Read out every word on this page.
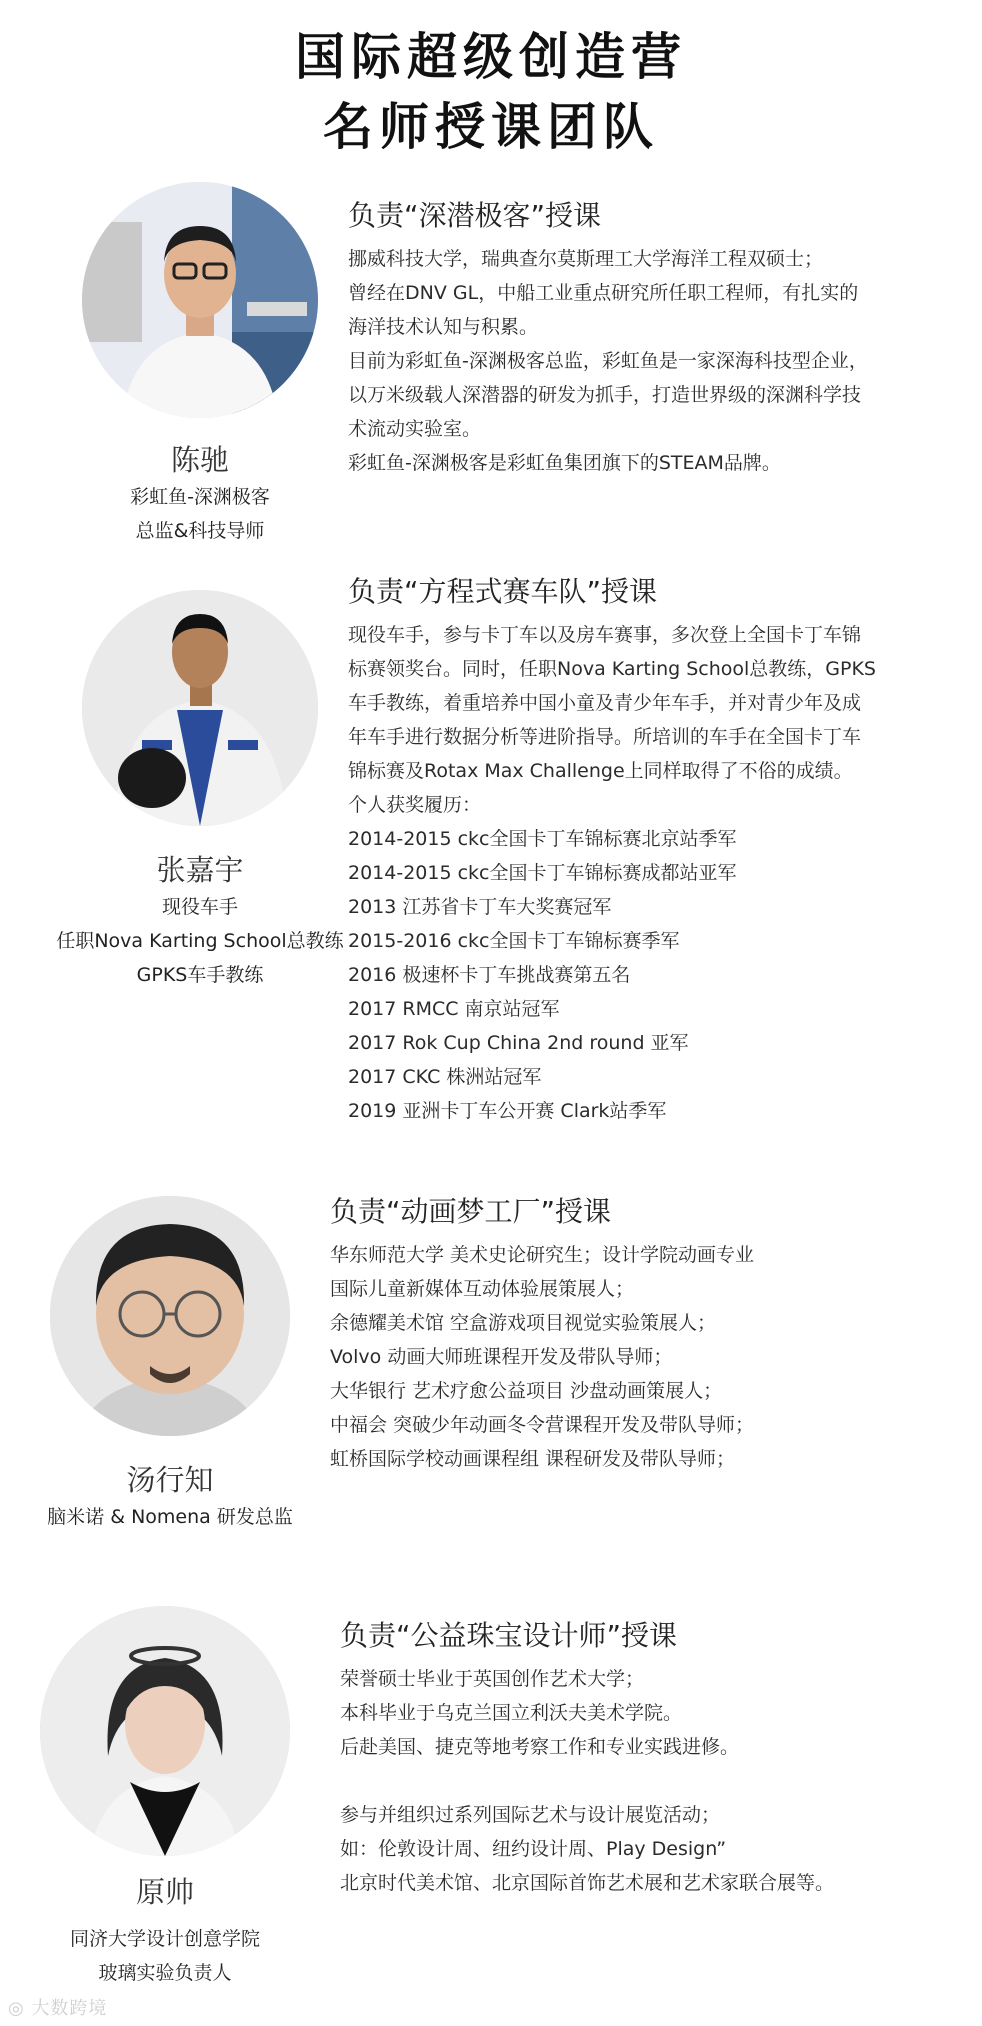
国际超级创造营
名师授课团队
陈驰
彩虹鱼-深渊极客
总监&科技导师
负责“深潜极客”授课
挪威科技大学，瑞典查尔莫斯理工大学海洋工程双硕士；
曾经在DNV GL，中船工业重点研究所任职工程师，有扎实的
海洋技术认知与积累。
目前为彩虹鱼-深渊极客总监，彩虹鱼是一家深海科技型企业，
以万米级载人深潜器的研发为抓手，打造世界级的深渊科学技
术流动实验室。
彩虹鱼-深渊极客是彩虹鱼集团旗下的STEAM品牌。
张嘉宇
现役车手
任职Nova Karting School总教练
GPKS车手教练
负责“方程式赛车队”授课
现役车手，参与卡丁车以及房车赛事，多次登上全国卡丁车锦
标赛领奖台。同时，任职Nova Karting School总教练，GPKS
车手教练，着重培养中国小童及青少年车手，并对青少年及成
年车手进行数据分析等进阶指导。所培训的车手在全国卡丁车
锦标赛及Rotax Max Challenge上同样取得了不俗的成绩。
个人获奖履历：
2014-2015 ckc全国卡丁车锦标赛北京站季军
2014-2015 ckc全国卡丁车锦标赛成都站亚军
2013 江苏省卡丁车大奖赛冠军
2015-2016 ckc全国卡丁车锦标赛季军
2016 极速杯卡丁车挑战赛第五名
2017 RMCC 南京站冠军
2017 Rok Cup China 2nd round 亚军
2017 CKC 株洲站冠军
2019 亚洲卡丁车公开赛 Clark站季军
汤行知
脑米诺 & Nomena 研发总监
负责“动画梦工厂”授课
华东师范大学 美术史论研究生；设计学院动画专业
国际儿童新媒体互动体验展策展人；
余德耀美术馆 空盒游戏项目视觉实验策展人；
Volvo 动画大师班课程开发及带队导师；
大华银行 艺术疗愈公益项目 沙盘动画策展人；
中福会 突破少年动画冬令营课程开发及带队导师；
虹桥国际学校动画课程组 课程研发及带队导师；
原帅
同济大学设计创意学院
玻璃实验负责人
负责“公益珠宝设计师”授课
荣誉硕士毕业于英国创作艺术大学；
本科毕业于乌克兰国立利沃夫美术学院。
后赴美国、捷克等地考察工作和专业实践进修。
参与并组织过系列国际艺术与设计展览活动；
如：伦敦设计周、纽约设计周、Play Design”
北京时代美术馆、北京国际首饰艺术展和艺术家联合展等。
◎ 大数跨境
